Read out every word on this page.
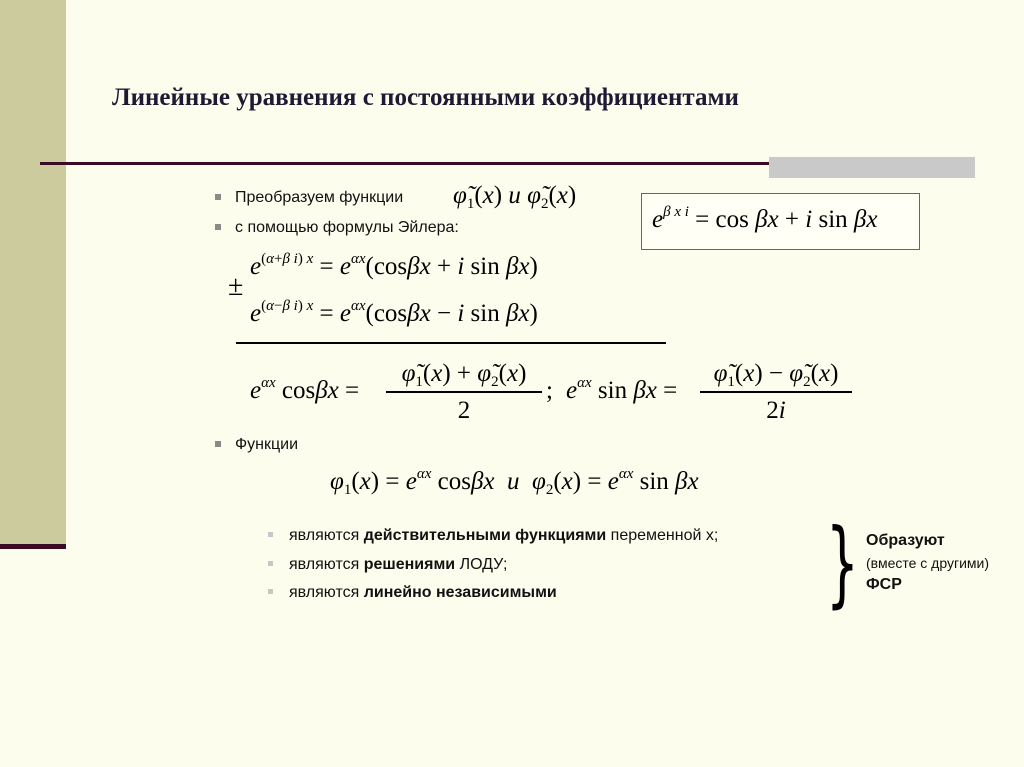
Линейные уравнения с постоянными коэффициентами
Преобразуем функции $\varphĩ_1(x)$ и $\varphĩ_2(x)$
с помощью формулы Эйлера:	$e^{\beta x i} = \cos \beta x + i$ sin βx
$e^{(\alpha+\beta i) x} = e^{\alpha x}(\cos\beta x + i$ sin βx)
±
$e^{(\alpha-\beta i) x} = e^{\alpha x}(\cos\beta x - i$ sin βx)
$e^{\alpha x}$ cosβx =
$\varphĩ_1(x)$ + $\varphĩ_2(x)$
2
; $e^{\alpha x}$ sin βx =
$\varphĩ_1(x)$ − $\varphĩ_2(x)$
2i
Функции
$\varphi_1(x) = e^{\alpha x}$ cosβx и $\varphi_2(x) = e^{\alpha x}$ sin βx
являются действительными функциями переменной x;
являются решениями ЛОДУ;
являются линейно независимыми	} Образуют
(вместе с другими)
ФСР
